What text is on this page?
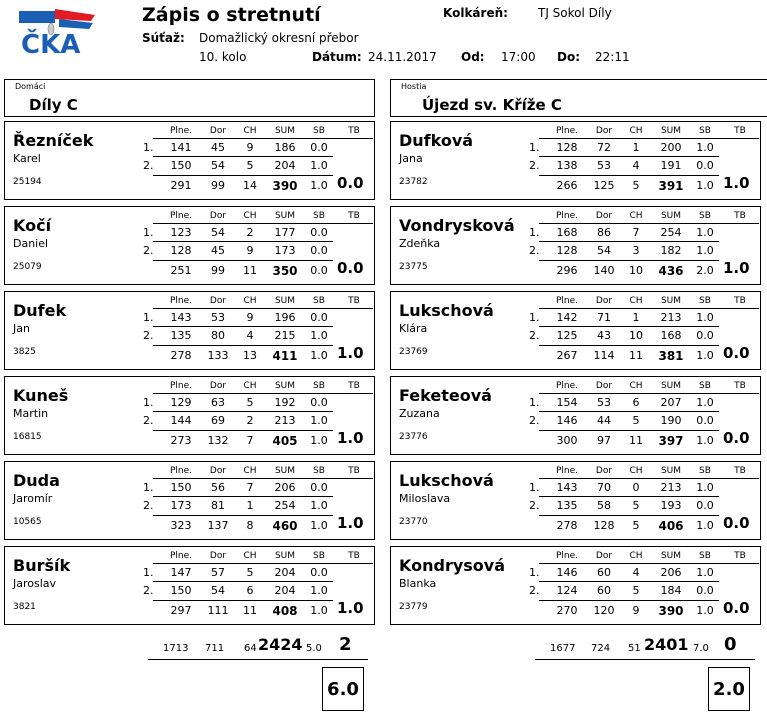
ČKA
Zápis o stretnutí	Kolkáreň:	TJ Sokol Díly
Súťaž: Domažlický okresní přebor
10. kolo	Dátum: 24.11.2017 Od: 17:00 Do: 22:11
Domáci
Díly C
Hostia
Újezd sv. Kříže C
Řezníček
Karel
25194
Plne. Dor CH SUM SB	TB
1. 141 45 9 186 0.0
2. 150 54 5 204 1.0
291 99 14 390 1.0 0.0
Kočí
Daniel
25079
Plne. Dor CH SUM SB	TB
1. 123 54 2 177 0.0
2. 128 45 9 173 0.0
251 99 11 350 0.0 0.0
Dufek
Jan
3825
Plne. Dor CH SUM SB	TB
1. 143 53 9 196 0.0
2. 135 80 4 215 1.0
278 133 13 411 1.0 1.0
Kuneš
Martin
16815
Plne. Dor CH SUM SB	TB
1. 129 63 5 192 0.0
2. 144 69 2 213 1.0
273 132 7 405 1.0 1.0
Duda
Jaromír
10565
Plne. Dor CH SUM SB	TB
1. 150 56 7 206 0.0
2. 173 81 1 254 1.0
323 137 8 460 1.0 1.0
Buršík
Jaroslav
3821
Plne. Dor CH SUM SB	TB
1. 147 57 5 204 0.0
2. 150 54 6 204 1.0
297 111 11 408 1.0 1.0
Dufková
Jana
23782
Plne. Dor CH SUM SB	TB
1. 128 72 1 200 1.0
2. 138 53 4 191 0.0
266 125 5 391 1.0 1.0
Vondrysková
Zdeňka
23775
Plne. Dor CH SUM SB	TB
1. 168 86 7 254 1.0
2. 128 54 3 182 1.0
296 140 10 436 2.0 1.0
Lukschová
Klára
23769
Plne. Dor CH SUM SB	TB
1. 142 71 1 213 1.0
2. 125 43 10 168 0.0
267 114 11 381 1.0 0.0
Feketeová
Zuzana
23776
Plne. Dor CH SUM SB	TB
1. 154 53 6 207 1.0
2. 146 44 5 190 0.0
300 97 11 397 1.0 0.0
Lukschová
Miloslava
23770
Plne. Dor CH SUM SB	TB
1. 143 70 0 213 1.0
2. 135 58 5 193 0.0
278 128 5 406 1.0 0.0
Kondrysová
Blanka
23779
Plne. Dor CH SUM SB	TB
1. 146 60 4 206 1.0
2. 124 60 5 184 0.0
270 120 9 390 1.0 0.0
1713 711 64 2424 5.0 2
6.0
1677 724 51 2401 7.0 0
2.0
